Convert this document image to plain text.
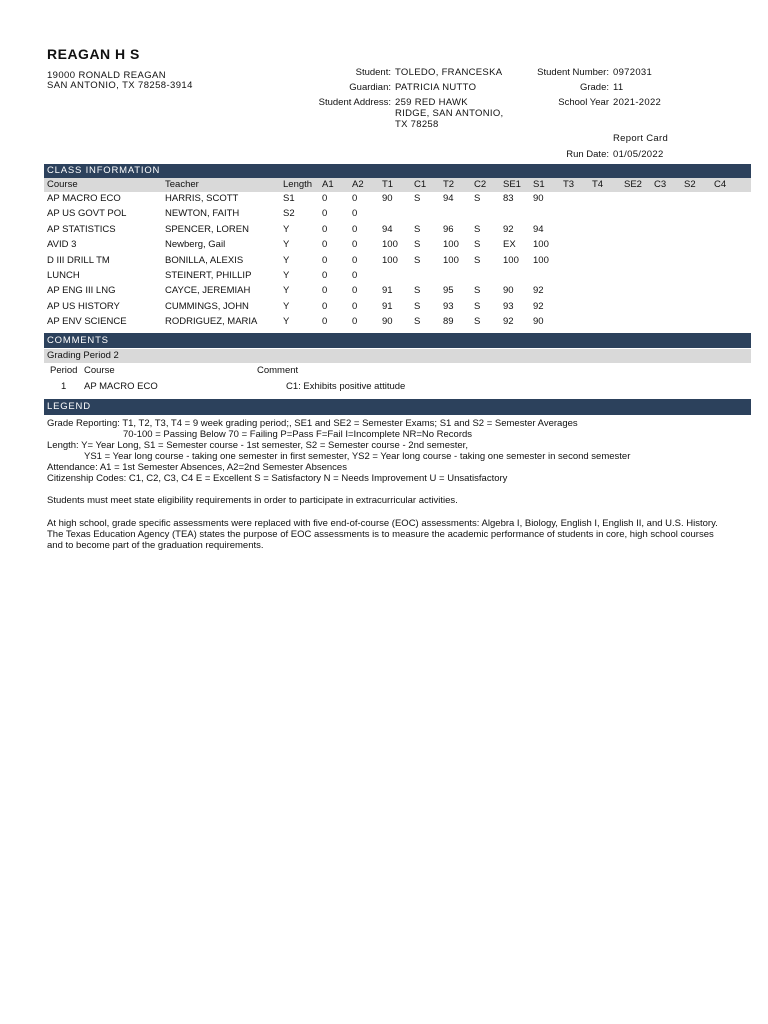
REAGAN H S
19000 RONALD REAGAN
SAN ANTONIO, TX 78258-3914
Student: TOLEDO, FRANCESKA
Guardian: PATRICIA NUTTO
Student Address: 259 RED HAWK
RIDGE, SAN ANTONIO,
TX 78258
Student Number: 0972031
Grade: 11
School Year 2021-2022
Report Card
Run Date: 01/05/2022
CLASS INFORMATION
Course	Teacher	Length A1 A2 T1 C1 T2 C2 SE1 S1 T3 T4 SE2 C3 S2 C4
AP MACRO ECO	HARRIS, SCOTT	S1	0	0	90 S 94 S 83 90
AP US GOVT POL	NEWTON, FAITH	S2	0	0
AP STATISTICS	SPENCER, LOREN	Y	0	0	94 S 96 S 92 94
AVID 3	Newberg, Gail	Y	0	0	100 S 100 S EX 100
D III DRILL TM	BONILLA, ALEXIS	Y	0	0	100 S 100 S 100 100
LUNCH	STEINERT, PHILLIP	Y	0	0
AP ENG III LNG	CAYCE, JEREMIAH	Y	0	0	91 S 95 S 90 92
AP US HISTORY	CUMMINGS, JOHN	Y	0	0	91 S 93 S 93 92
AP ENV SCIENCE	RODRIGUEZ, MARIA	Y	0	0	90 S 89 S 92 90
COMMENTS
Grading Period 2
Period Course	Comment
1 AP MACRO ECO	C1: Exhibits positive attitude
LEGEND
Grade Reporting: T1, T2, T3, T4 = 9 week grading period;, SE1 and SE2 = Semester Exams; S1 and S2 = Semester Averages
70-100 = Passing Below 70 = Failing P=Pass F=Fail I=Incomplete NR=No Records
Length: Y= Year Long, S1 = Semester course - 1st semester, S2 = Semester course - 2nd semester,
YS1 = Year long course - taking one semester in first semester, YS2 = Year long course - taking one semester in second semester
Attendance: A1 = 1st Semester Absences, A2=2nd Semester Absences
Citizenship Codes: C1, C2, C3, C4 E = Excellent S = Satisfactory N = Needs Improvement U = Unsatisfactory
Students must meet state eligibility requirements in order to participate in extracurricular activities.
At high school, grade specific assessments were replaced with five end-of-course (EOC) assessments: Algebra I, Biology, English I, English II, and U.S. History.
The Texas Education Agency (TEA) states the purpose of EOC assessments is to measure the academic performance of students in core, high school courses
and to become part of the graduation requirements.
